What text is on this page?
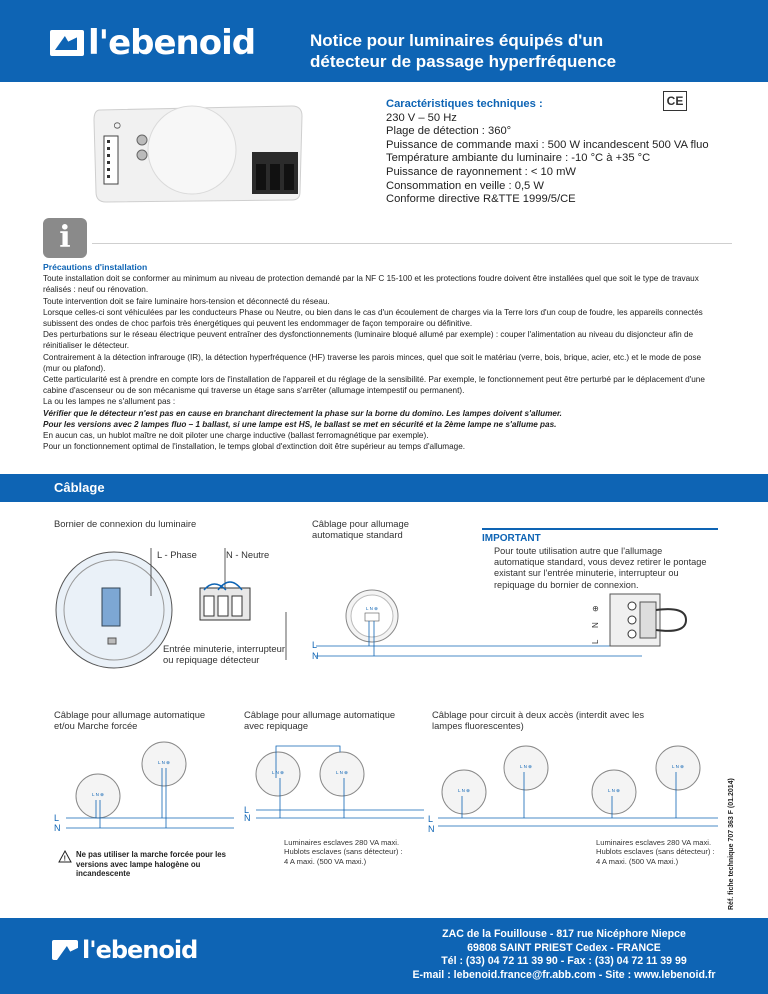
l'ebenoid	Notice pour luminaires équipés d'un
détecteur de passage hyperfréquence
O
Caractéristiques techniques :
230 V – 50 Hz
Plage de détection : 360°
Puissance de commande maxi : 500 W incandescent 500 VA fluo
Température ambiante du luminaire : -10 °C à +35 °C
Puissance de rayonnement : < 10 mW
Consommation en veille : 0,5 W
Conforme directive R&TTE 1999/5/CE
CE
i
Précautions d'installation
Toute installation doit se conformer au minimum au niveau de protection demandé par la NF C 15-100 et les protections foudre doivent être installées quel que soit le type de travaux réalisés : neuf ou rénovation.
Toute intervention doit se faire luminaire hors-tension et déconnecté du réseau.
Lorsque celles-ci sont véhiculées par les conducteurs Phase ou Neutre, ou bien dans le cas d'un écoulement de charges via la Terre lors d'un coup de foudre, les appareils connectés subissent des ondes de choc parfois très énergétiques qui peuvent les endommager de façon temporaire ou définitive.
Des perturbations sur le réseau électrique peuvent entraîner des dysfonctionnements (luminaire bloqué allumé par exemple) : couper l'alimentation au niveau du disjoncteur afin de réinitialiser le détecteur.
Contrairement à la détection infrarouge (IR), la détection hyperfréquence (HF) traverse les parois minces, quel que soit le matériau (verre, bois, brique, acier, etc.) et le mode de pose (mur ou plafond).
Cette particularité est à prendre en compte lors de l'installation de l'appareil et du réglage de la sensibilité. Par exemple, le fonctionnement peut être perturbé par le déplacement d'une cabine d'ascenseur ou de son mécanisme qui traverse un étage sans s'arrêter (allumage intempestif ou permanent).
La ou les lampes ne s'allument pas :
Vérifier que le détecteur n'est pas en cause en branchant directement la phase sur la borne du domino. Les lampes doivent s'allumer.
Pour les versions avec 2 lampes fluo – 1 ballast, si une lampe est HS, le ballast se met en sécurité et la 2ème lampe ne s'allume pas.
En aucun cas, un hublot maître ne doit piloter une charge inductive (ballast ferromagnétique par exemple).
Pour un fonctionnement optimal de l'installation, le temps global d'extinction doit être supérieur au temps d'allumage.
Câblage
Bornier de connexion du luminaire
L - Phase	N - Neutre
Entrée minuterie, interrupteur
ou repiquage détecteur
Câblage pour allumage
automatique standard
L N ⊕
L
N
⊕
N
L
IMPORTANT
Pour toute utilisation autre que l'allumage automatique standard, vous devez retirer le pontage existant sur l'entrée minuterie, interrupteur ou repiquage du bornier de connexion.
Câblage pour allumage automatique
et/ou Marche forcée
Câblage pour allumage automatique
avec repiquage
Câblage pour circuit à deux accès (interdit avec les
lampes fluorescentes)
L N ⊕
L N ⊕
L
N
L N ⊕	L N ⊕
L
N
L N ⊕	L N ⊕
L N ⊕	L N ⊕
L
N
Luminaires esclaves 280 VA maxi.
Hublots esclaves (sans détecteur) :
4 A maxi. (500 VA maxi.)
Luminaires esclaves 280 VA maxi.
Hublots esclaves (sans détecteur) :
4 A maxi. (500 VA maxi.)
! Ne pas utiliser la marche forcée pour les versions avec lampe halogène ou incandescente	Réf. fiche technique 707 363 F (01.2014)
l'ebenoid
ZAC de la Fouillouse - 817 rue Nicéphore Niepce
69808 SAINT PRIEST Cedex - FRANCE
Tél : (33) 04 72 11 39 90 - Fax : (33) 04 72 11 39 99
E-mail : lebenoid.france@fr.abb.com - Site : www.lebenoid.fr
